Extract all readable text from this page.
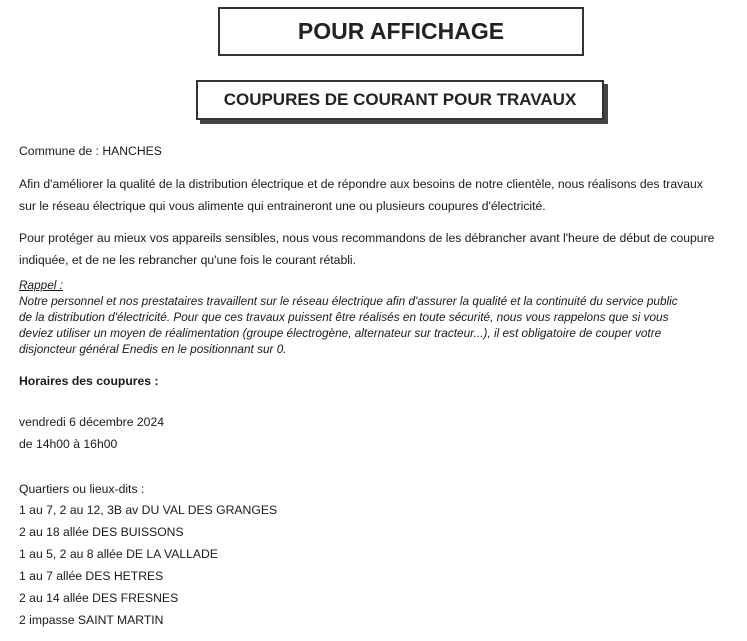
POUR AFFICHAGE
COUPURES DE COURANT POUR TRAVAUX
Commune de : HANCHES
Afin d'améliorer la qualité de la distribution électrique et de répondre aux besoins de notre clientèle, nous réalisons des travaux
sur le réseau électrique qui vous alimente qui entraineront une ou plusieurs coupures d'électricité.
Pour protéger au mieux vos appareils sensibles, nous vous recommandons de les débrancher avant l'heure de début de coupure
indiquée, et de ne les rebrancher qu'une fois le courant rétabli.
Rappel :
Notre personnel et nos prestataires travaillent sur le réseau électrique afin d'assurer la qualité et la continuité du service public
de la distribution d'électricité. Pour que ces travaux puissent être réalisés en toute sécurité, nous vous rappelons que si vous
deviez utiliser un moyen de réalimentation (groupe électrogène, alternateur sur tracteur...), il est obligatoire de couper votre
disjoncteur général Enedis en le positionnant sur 0.
Horaires des coupures :
vendredi 6 décembre 2024
de 14h00 à 16h00
Quartiers ou lieux-dits :
1 au 7, 2 au 12, 3B av DU VAL DES GRANGES
2 au 18 allée DES BUISSONS
1 au 5, 2 au 8 allée DE LA VALLADE
1 au 7 allée DES HETRES
2 au 14 allée DES FRESNES
2 impasse SAINT MARTIN
